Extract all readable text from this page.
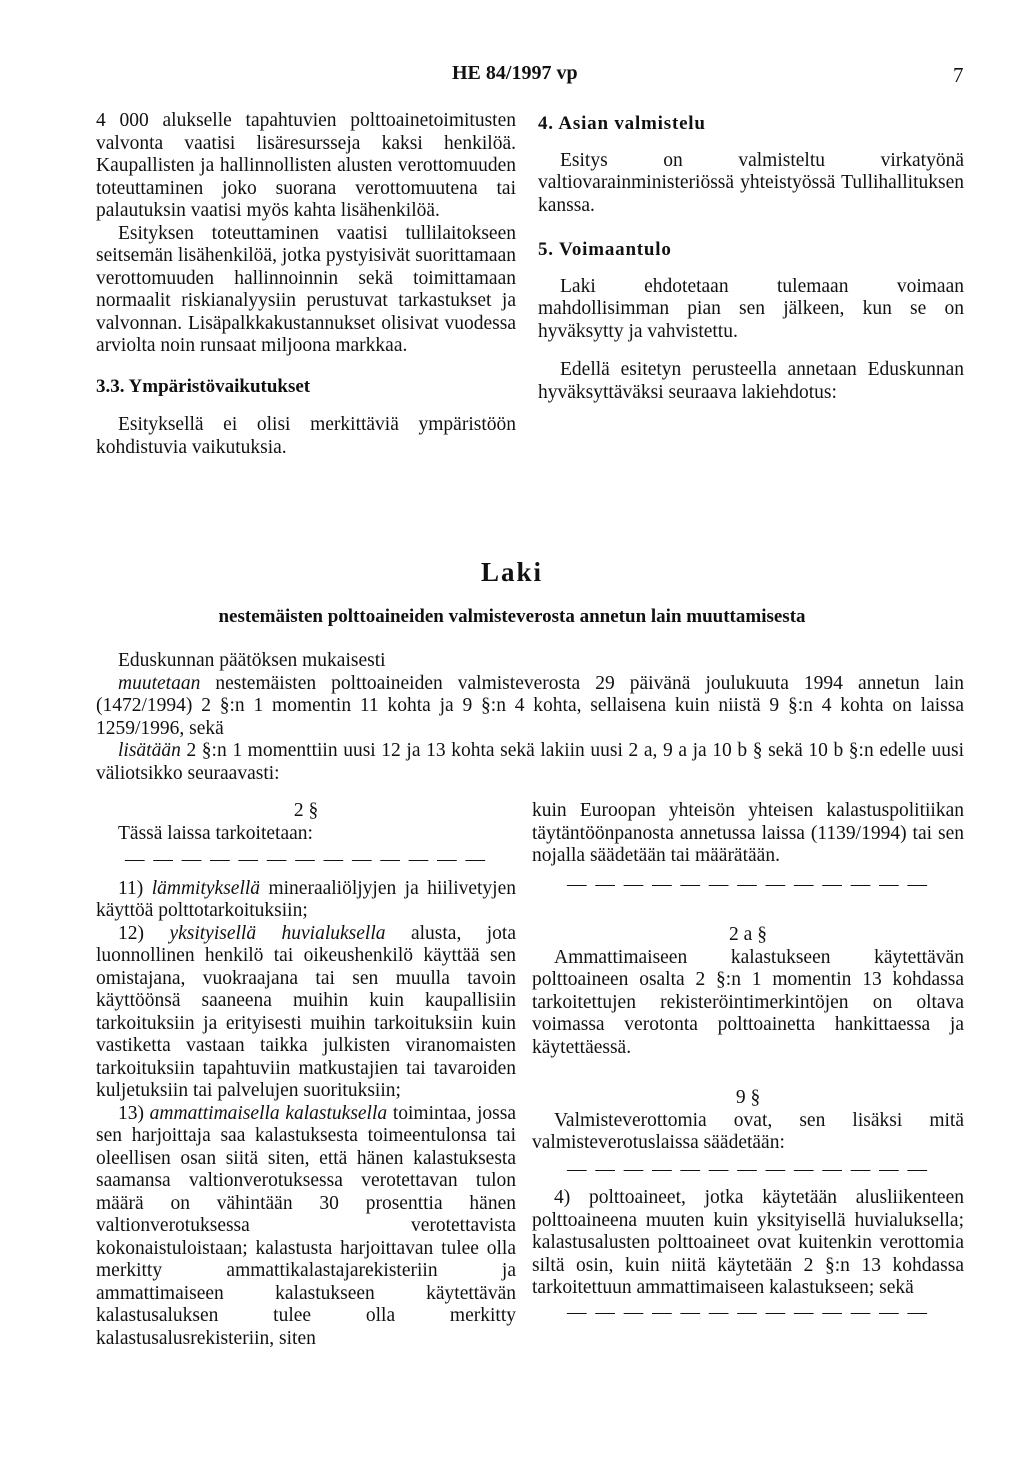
HE 84/1997 vp	7

4 000 alukselle tapahtuvien polttoainetoimitusten valvonta vaatisi lisäresursseja kaksi henkilöä. Kaupallisten ja hallinnollisten alusten verottomuuden toteuttaminen joko suorana verottomuutena tai palautuksin vaatisi myös kahta lisähenkilöä.

Esityksen toteuttaminen vaatisi tullilaitokseen seitsemän lisähenkilöä, jotka pystyisivät suorittamaan verottomuuden hallinnoinnin sekä toimittamaan normaalit riskianalyysiin perustuvat tarkastukset ja valvonnan. Lisäpalkkakustannukset olisivat vuodessa arviolta noin runsaat miljoona markkaa.

3.3. Ympäristövaikutukset

Esityksellä ei olisi merkittäviä ympäristöön kohdistuvia vaikutuksia.

4. Asian valmistelu

Esitys on valmisteltu virkatyönä valtiovarainministeriössä yhteistyössä Tullihallituksen kanssa.

5. Voimaantulo

Laki ehdotetaan tulemaan voimaan mahdollisimman pian sen jälkeen, kun se on hyväksytty ja vahvistettu.

Edellä esitetyn perusteella annetaan Eduskunnan hyväksyttäväksi seuraava lakiehdotus:

Laki
nestemäisten polttoaineiden valmisteverosta annetun lain muuttamisesta

Eduskunnan päätöksen mukaisesti

muutetaan nestemäisten polttoaineiden valmisteverosta 29 päivänä joulukuuta 1994 annetun lain (1472/1994) 2 §:n 1 momentin 11 kohta ja 9 §:n 4 kohta, sellaisena kuin niistä 9 §:n 4 kohta on laissa 1259/1996, sekä

lisätään 2 §:n 1 momenttiin uusi 12 ja 13 kohta sekä lakiin uusi 2 a, 9 a ja 10 b § sekä 10 b §:n edelle uusi väliotsikko seuraavasti:

2 §

Tässä laissa tarkoitetaan:

— — — — — — — — — — — — —

11) lämmityksellä mineraaliöljyjen ja hiilivetyjen käyttöä polttotarkoituksiin;

12) yksityisellä huvialuksella alusta, jota luonnollinen henkilö tai oikeushenkilö käyttää sen omistajana, vuokraajana tai sen muulla tavoin käyttöönsä saaneena muihin kuin kaupallisiin tarkoituksiin ja erityisesti muihin tarkoituksiin kuin vastiketta vastaan taikka julkisten viranomaisten tarkoituksiin tapahtuviin matkustajien tai tavaroiden kuljetuksiin tai palvelujen suorituksiin;

13) ammattimaisella kalastuksella toimintaa, jossa sen harjoittaja saa kalastuksesta toimeentulonsa tai oleellisen osan siitä siten, että hänen kalastuksesta saamansa valtionverotuksessa verotettavan tulon määrä on vähintään 30 prosenttia hänen valtionverotuksessa verotettavista kokonaistuloistaan; kalastusta harjoittavan tulee olla merkitty ammattikalastajarekisteriin ja ammattimaiseen kalastukseen käytettävän kalastusaluksen tulee olla merkitty kalastusalusrekisteriin, siten

kuin Euroopan yhteisön yhteisen kalastuspolitiikan täytäntöönpanosta annetussa laissa (1139/1994) tai sen nojalla säädetään tai määrätään.

— — — — — — — — — — — — —

2 a §

Ammattimaiseen kalastukseen käytettävän polttoaineen osalta 2 §:n 1 momentin 13 kohdassa tarkoitettujen rekisteröintimerkintöjen on oltava voimassa verotonta polttoainetta hankittaessa ja käytettäessä.

9 §

Valmisteverottomia ovat, sen lisäksi mitä valmisteverotuslaissa säädetään:

— — — — — — — — — — — — —

4) polttoaineet, jotka käytetään alusliikenteen polttoaineena muuten kuin yksityisellä huvialuksella; kalastusalusten polttoaineet ovat kuitenkin verottomia siltä osin, kuin niitä käytetään 2 §:n 13 kohdassa tarkoitettuun ammattimaiseen kalastukseen; sekä

— — — — — — — — — — — — —
